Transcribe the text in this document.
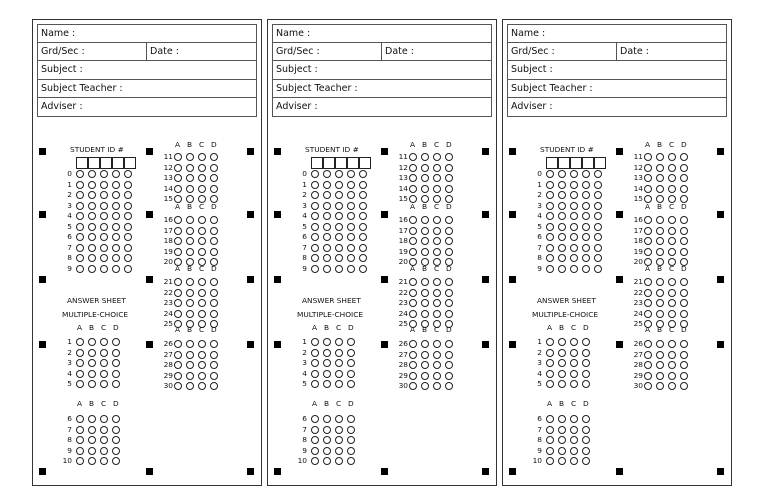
Name :
Grd/Sec :	Date :
Subject :
Subject Teacher :
Adviser :
STUDENT ID #
0
1
2
3
4
5
6
7
8
9
ANSWER SHEET
MULTIPLE-CHOICE
A B C D
1
2
3
4
5
A B C D
6
7
8
9
10
A B C D
11
12
13
14
15
A B C D
16
17
18
19
20
A B C D
21
22
23
24
25
A B C D
26
27
28
29
30
Name :
Grd/Sec :	Date :
Subject :
Subject Teacher :
Adviser :
STUDENT ID #
0
1
2
3
4
5
6
7
8
9
ANSWER SHEET
MULTIPLE-CHOICE
A B C D
1
2
3
4
5
A B C D
6
7
8
9
10
A B C D
11
12
13
14
15
A B C D
16
17
18
19
20
A B C D
21
22
23
24
25
A B C D
26
27
28
29
30
Name :
Grd/Sec :	Date :
Subject :
Subject Teacher :
Adviser :
STUDENT ID #
0
1
2
3
4
5
6
7
8
9
ANSWER SHEET
MULTIPLE-CHOICE
A B C D
1
2
3
4
5
A B C D
6
7
8
9
10
A B C D
11
12
13
14
15
A B C D
16
17
18
19
20
A B C D
21
22
23
24
25
A B C D
26
27
28
29
30
